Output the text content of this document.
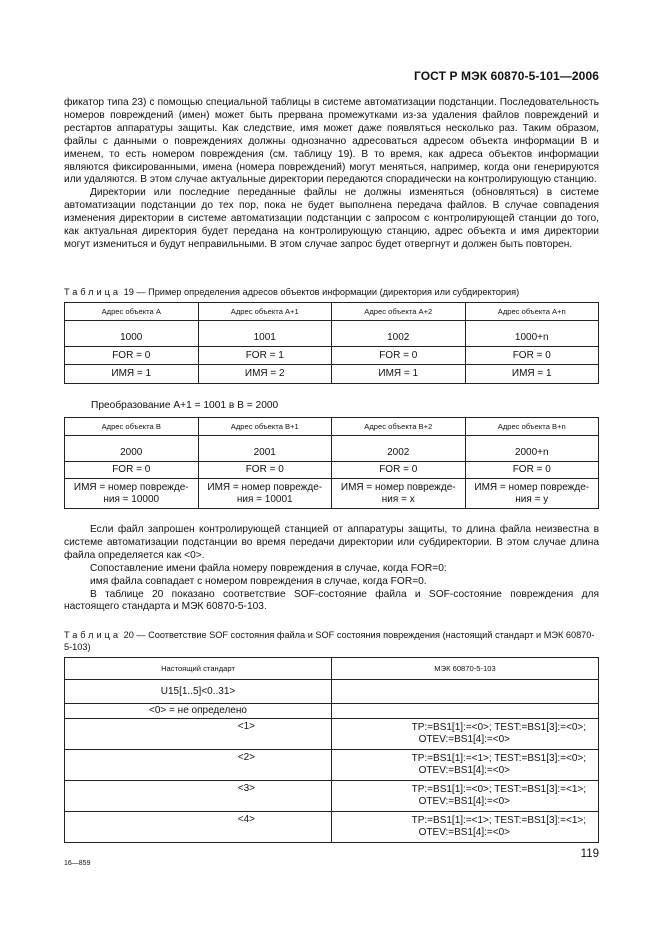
ГОСТ Р МЭК 60870-5-101—2006

фикатор типа 23) с помощью специальной таблицы в системе автоматизации подстанции. Последовательность номеров повреждений (имен) может быть прервана промежутками из-за удаления файлов повреждений и рестартов аппаратуры защиты. Как следствие, имя может даже появляться несколько раз. Таким образом, файлы с данными о повреждениях должны однозначно адресоваться адресом объекта информации B и именем, то есть номером повреждения (см. таблицу 19). В то время, как адреса объектов информации являются фиксированными, имена (номера повреждений) могут меняться, например, когда они генерируются или удаляются. В этом случае актуальные директории передаются спорадически на контролирующую станцию.

Директории или последние переданные файлы не должны изменяться (обновляться) в системе автоматизации подстанции до тех пор, пока не будет выполнена передача файлов. В случае совпадения изменения директории в системе автоматизации подстанции с запросом с контролирующей станции до того, как актуальная директория будет передана на контролирующую станцию, адрес объекта и имя директории могут измениться и будут неправильными. В этом случае запрос будет отвергнут и должен быть повторен.

Таблица 19 — Пример определения адресов объектов информации (директория или субдиректория)
Адрес объекта A	Адрес объекта A+1	Адрес объекта A+2	Адрес объекта A+n
1000	1001	1002	1000+n
FOR = 0	FOR = 1	FOR = 0	FOR = 0
ИМЯ = 1	ИМЯ = 2	ИМЯ = 1	ИМЯ = 1
Преобразование A+1 = 1001 в B = 2000
Адрес объекта B	Адрес объекта B+1	Адрес объекта B+2	Адрес объекта B+n
2000	2001	2002	2000+n
FOR = 0	FOR = 0	FOR = 0	FOR = 0
ИМЯ = номер поврежде-ния = 10000	ИМЯ = номер поврежде-ния = 10001	ИМЯ = номер поврежде-ния = x	ИМЯ = номер поврежде-ния = y

Если файл запрошен контролирующей станцией от аппаратуры защиты, то длина файла неизвестна в системе автоматизации подстанции во время передачи директории или субдиректории. В этом случае длина файла определяется как <0>.

Сопоставление имени файла номеру повреждения в случае, когда FOR=0:

имя файла совпадает с номером повреждения в случае, когда FOR=0.

В таблице 20 показано соответствие SOF-состояние файла и SOF-состояние повреждения для настоящего стандарта и МЭК 60870-5-103.

Таблица 20 — Соответствие SOF состояния файла и SOF состояния повреждения (настоящий стандарт и МЭК 60870-5-103)
Настоящий стандарт	МЭК 60870-5-103
U15[1..5]<0..31>	
<0> = не определено	
<1>	TP:=BS1[1]:=<0>; TEST:=BS1[3]:=<0>;
OTEV:=BS1[4]:=<0>

<2>	TP:=BS1[1]:=<1>; TEST:=BS1[3]:=<0>;
OTEV:=BS1[4]:=<0>

<3>	TP:=BS1[1]:=<0>; TEST:=BS1[3]:=<1>;
OTEV:=BS1[4]:=<0>

<4>	TP:=BS1[1]:=<1>; TEST:=BS1[3]:=<1>;
OTEV:=BS1[4]:=<0>
16—859
119
